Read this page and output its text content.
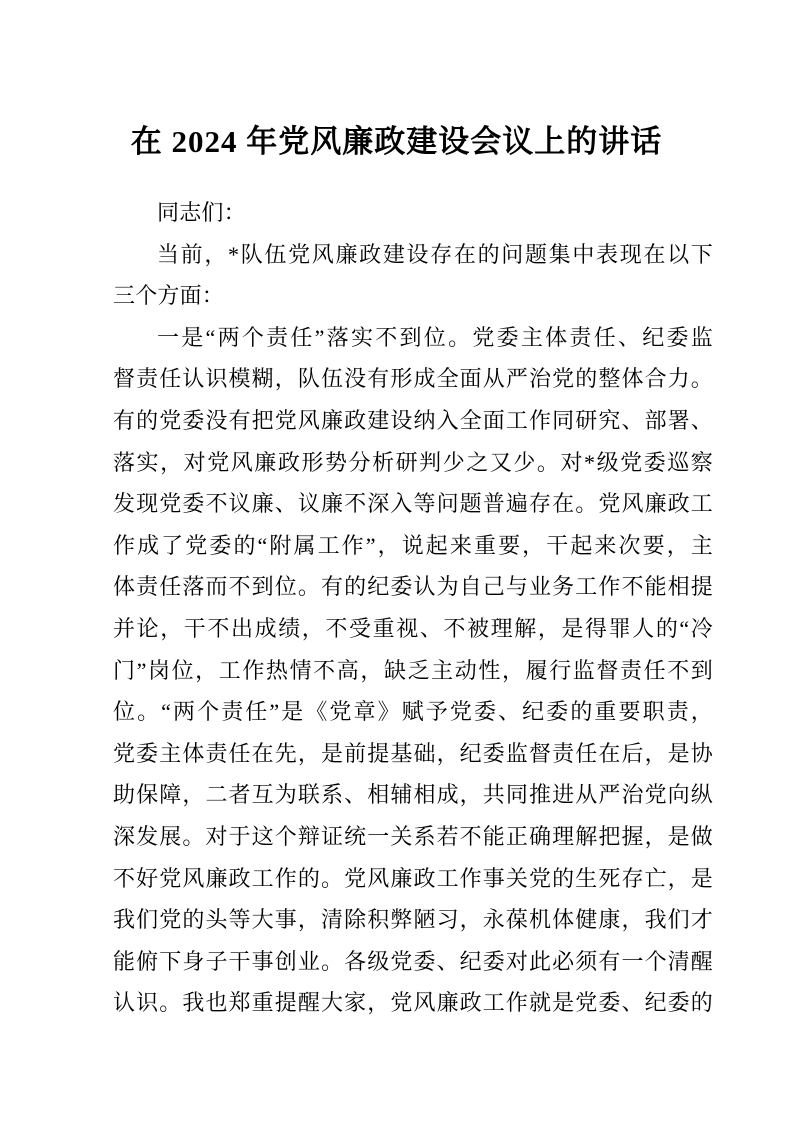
在 2024 年党风廉政建设会议上的讲话
同志们：
当前，*队伍党风廉政建设存在的问题集中表现在以下
三个方面：
一是“两个责任”落实不到位。党委主体责任、纪委监
督责任认识模糊，队伍没有形成全面从严治党的整体合力。
有的党委没有把党风廉政建设纳入全面工作同研究、部署、
落实，对党风廉政形势分析研判少之又少。对*级党委巡察
发现党委不议廉、议廉不深入等问题普遍存在。党风廉政工
作成了党委的“附属工作”，说起来重要，干起来次要，主
体责任落而不到位。有的纪委认为自己与业务工作不能相提
并论，干不出成绩，不受重视、不被理解，是得罪人的“冷
门”岗位，工作热情不高，缺乏主动性，履行监督责任不到
位。“两个责任”是《党章》赋予党委、纪委的重要职责，
党委主体责任在先，是前提基础，纪委监督责任在后，是协
助保障，二者互为联系、相辅相成，共同推进从严治党向纵
深发展。对于这个辩证统一关系若不能正确理解把握，是做
不好党风廉政工作的。党风廉政工作事关党的生死存亡，是
我们党的头等大事，清除积弊陋习，永葆机体健康，我们才
能俯下身子干事创业。各级党委、纪委对此必须有一个清醒
认识。我也郑重提醒大家，党风廉政工作就是党委、纪委的
